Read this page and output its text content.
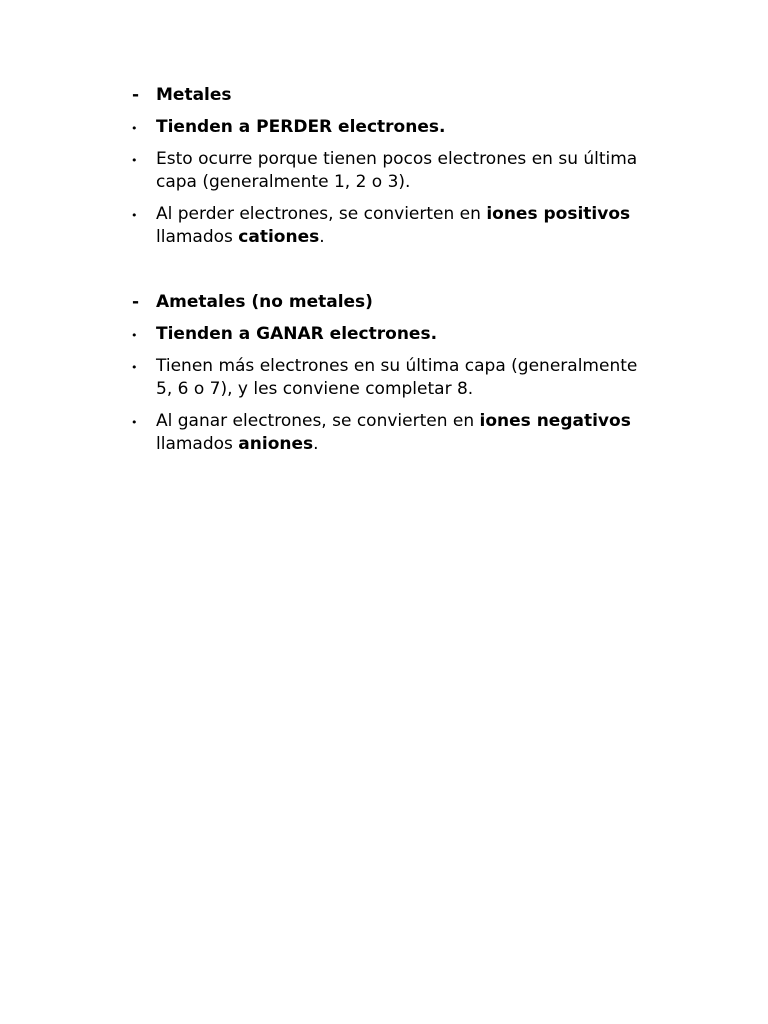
- Metales
•	Tienden a PERDER electrones.
•	Esto ocurre porque tienen pocos electrones en su última capa (generalmente 1, 2 o 3).
•	Al perder electrones, se convierten en iones positivos llamados cationes.
- Ametales (no metales)
•	Tienden a GANAR electrones.
•	Tienen más electrones en su última capa (generalmente 5, 6 o 7), y les conviene completar 8.
•	Al ganar electrones, se convierten en iones negativos llamados aniones.
